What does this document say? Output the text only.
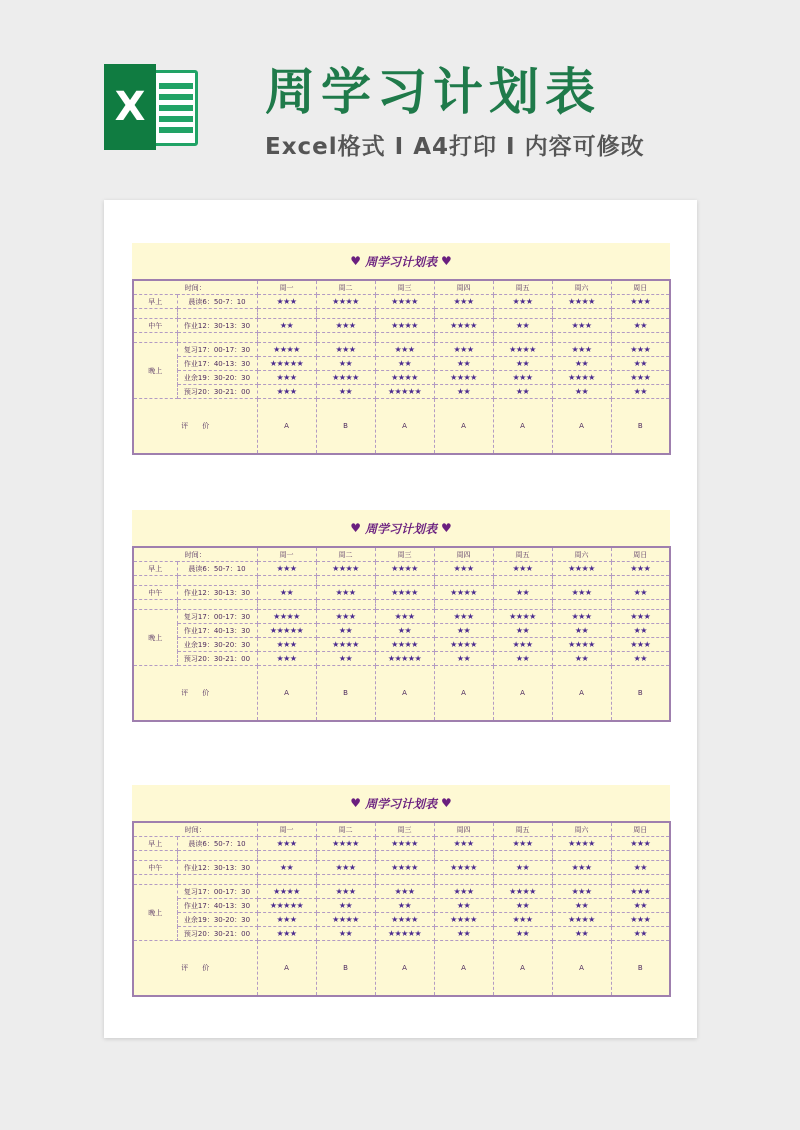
X 周学习计划表
Excel格式 I A4打印 I 内容可修改
♥ 周学习计划表 ♥
时间：		周一	周二	周三	周四	周五	周六	周日
早上	晨读6：50-7：10	★★★	★★★★	★★★★	★★★	★★★	★★★★	★★★

中午	作业12：30-13：30	★★	★★★	★★★★	★★★★	★★	★★★	★★

晚上	复习17：00-17：30	★★★★	★★★	★★★	★★★	★★★★	★★★	★★★
	作业17：40-13：30	★★★★★	★★	★★	★★	★★	★★	★★
	业余19：30-20：30	★★★	★★★★	★★★★	★★★★	★★★	★★★★	★★★
	预习20：30-21：00	★★★	★★	★★★★★	★★	★★	★★	★★
评　　价		A	B	A	A	A	A	B
♥ 周学习计划表 ♥
时间：		周一	周二	周三	周四	周五	周六	周日
早上	晨读6：50-7：10	★★★	★★★★	★★★★	★★★	★★★	★★★★	★★★

中午	作业12：30-13：30	★★	★★★	★★★★	★★★★	★★	★★★	★★

晚上	复习17：00-17：30	★★★★	★★★	★★★	★★★	★★★★	★★★	★★★
	作业17：40-13：30	★★★★★	★★	★★	★★	★★	★★	★★
	业余19：30-20：30	★★★	★★★★	★★★★	★★★★	★★★	★★★★	★★★
	预习20：30-21：00	★★★	★★	★★★★★	★★	★★	★★	★★
评　　价		A	B	A	A	A	A	B
♥ 周学习计划表 ♥
时间：		周一	周二	周三	周四	周五	周六	周日
早上	晨读6：50-7：10	★★★	★★★★	★★★★	★★★	★★★	★★★★	★★★

中午	作业12：30-13：30	★★	★★★	★★★★	★★★★	★★	★★★	★★

晚上	复习17：00-17：30	★★★★	★★★	★★★	★★★	★★★★	★★★	★★★
	作业17：40-13：30	★★★★★	★★	★★	★★	★★	★★	★★
	业余19：30-20：30	★★★	★★★★	★★★★	★★★★	★★★	★★★★	★★★
	预习20：30-21：00	★★★	★★	★★★★★	★★	★★	★★	★★
评　　价		A	B	A	A	A	A	B
